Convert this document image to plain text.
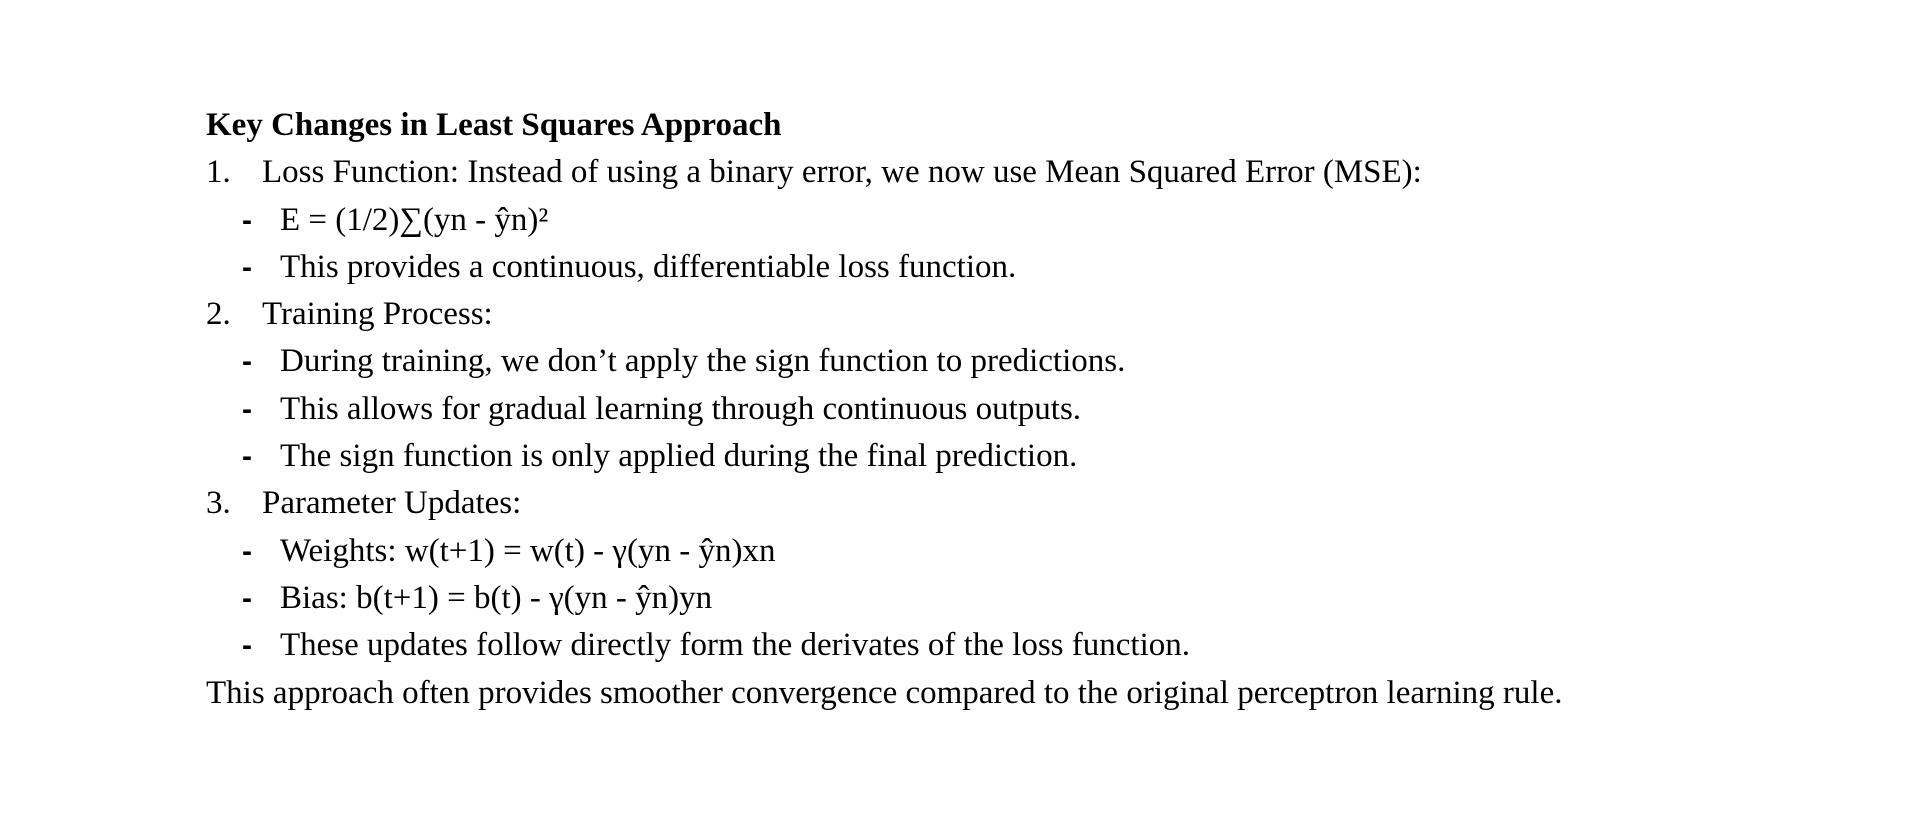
Key Changes in Least Squares Approach
1. Loss Function: Instead of using a binary error, we now use Mean Squared Error (MSE):
- E = (1/2)∑(yn - ŷn)²
- This provides a continuous, differentiable loss function.
2. Training Process:
- During training, we don’t apply the sign function to predictions.
- This allows for gradual learning through continuous outputs.
- The sign function is only applied during the final prediction.
3. Parameter Updates:
- Weights: w(t+1) = w(t) - γ(yn - ŷn)xn
- Bias: b(t+1) = b(t) - γ(yn - ŷn)yn
- These updates follow directly form the derivates of the loss function.
This approach often provides smoother convergence compared to the original perceptron learning rule.
